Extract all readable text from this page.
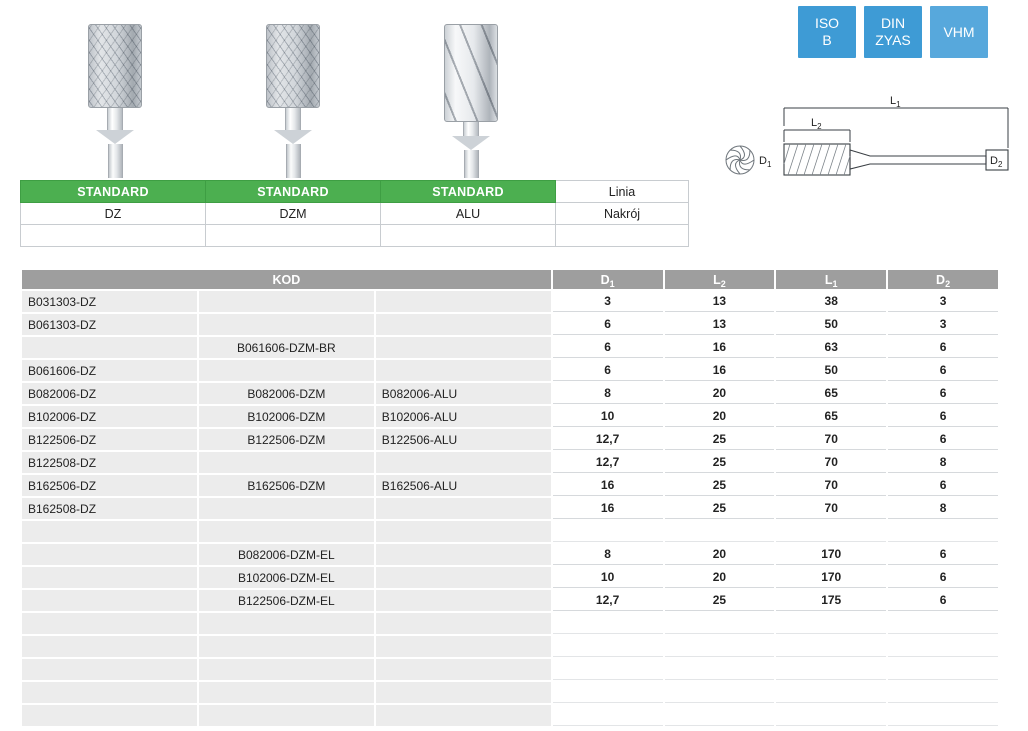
ISO
B
DIN
ZYAS
VHM
$L_2$
$L_1$
$D_1$	$D_2$
STANDARD	STANDARD	STANDARD	Linia
DZ	DZM	ALU	Nakrój

KOD			$D_1$	$L_2$	$L_1$	$D_2$
B031303-DZ			3	13	38	3
B061303-DZ			6	13	50	3
	B061606-DZM-BR		6	16	63	6
B061606-DZ			6	16	50	6
B082006-DZ	B082006-DZM	B082006-ALU	8	20	65	6
B102006-DZ	B102006-DZM	B102006-ALU	10	20	65	6
B122506-DZ	B122506-DZM	B122506-ALU	12,7	25	70	6
B122508-DZ			12,7	25	70	8
B162506-DZ	B162506-DZM	B162506-ALU	16	25	70	6
B162508-DZ			16	25	70	8

	B082006-DZM-EL		8	20	170	6
	B102006-DZM-EL		10	20	170	6
	B122506-DZM-EL		12,7	25	175	6
